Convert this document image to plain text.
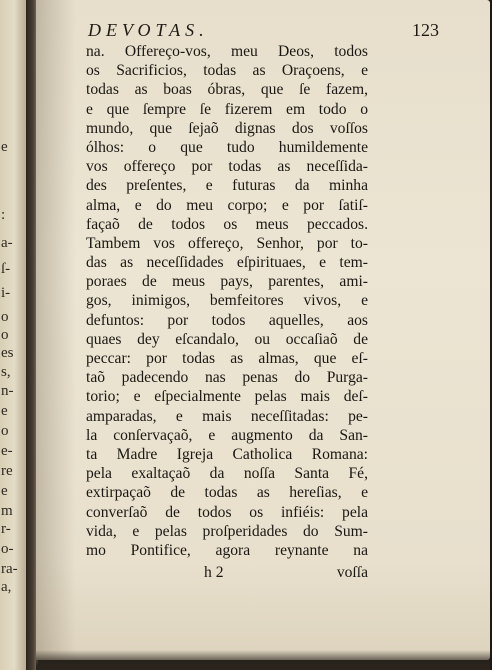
e
:
a-
ſ-
i-
o
o
es
s,
n-
e
o
e-
re
e
m
r-
o-
ra-
a,
DEVOTAS.	123
na. Offereço-vos, meu Deos, todos
os Sacrificios, todas as Oraçoens, e
todas as boas óbras, que ſe fazem,
e que ſempre ſe fizerem em todo o
mundo, que ſejaõ dignas dos voſſos
ólhos: o que tudo humildemente
vos offereço por todas as neceſſida-
des preſentes, e futuras da minha
alma, e do meu corpo; e por ſatiſ-
façaõ de todos os meus peccados.
Tambem vos offereço, Senhor, por to-
das as neceſſidades eſpirituaes, e tem-
poraes de meus pays, parentes, ami-
gos, inimigos, bemfeitores vivos, e
defuntos: por todos aquelles, aos
quaes dey eſcandalo, ou occaſiaõ de
peccar: por todas as almas, que eſ-
taõ padecendo nas penas do Purga-
torio; e eſpecialmente pelas mais deſ-
amparadas, e mais neceſſitadas: pe-
la conſervaçaõ, e augmento da San-
ta Madre Igreja Catholica Romana:
pela exaltaçaõ da noſſa Santa Fé,
extirpaçaõ de todas as hereſias, e
converſaõ de todos os infiéis: pela
vida, e pelas proſperidades do Sum-
mo Pontifice, agora reynante na
h 2	voſſa
